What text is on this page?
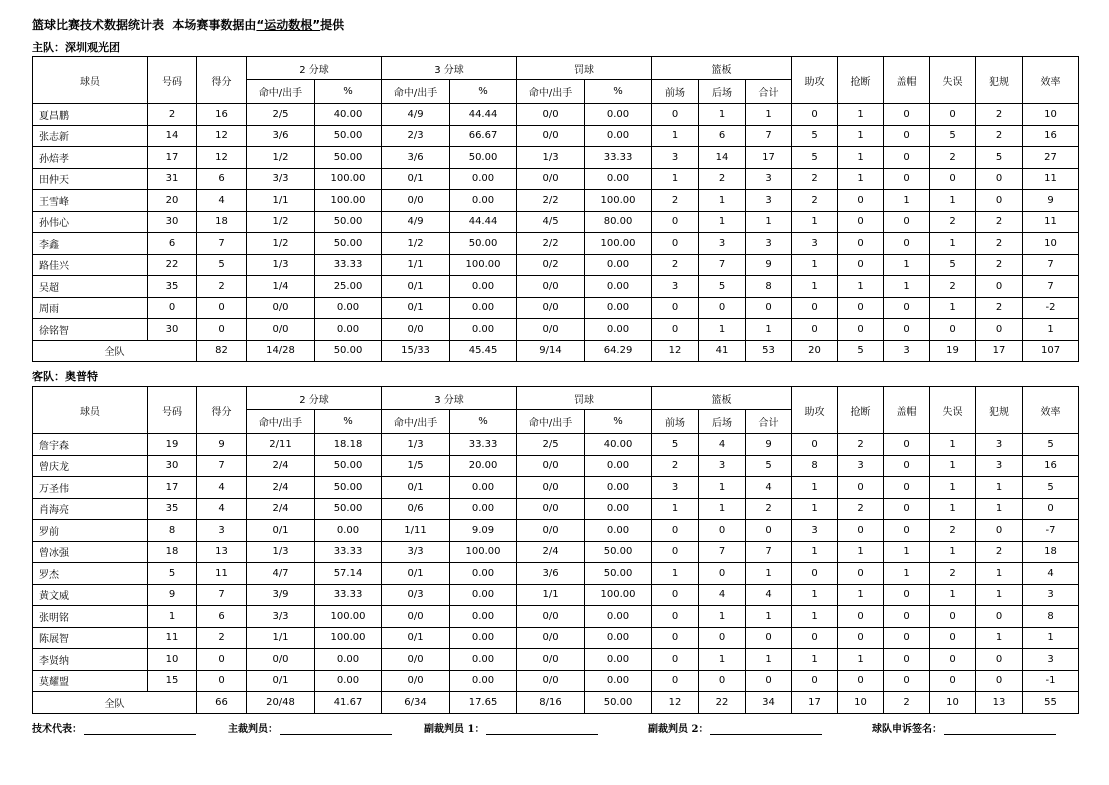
篮球比赛技术数据统计表 本场赛事数据由“运动数根”提供
主队：深圳观光团
球员	号码	得分	2 分球		3 分球		罚球		篮板			助攻	抢断	盖帽	失误	犯规	效率
			命中/出手	%	命中/出手	%	命中/出手	%	前场	后场	合计						
夏昌鹏	2	16	2/5	40.00	4/9	44.44	0/0	0.00	0	1	1	0	1	0	0	2	10
张志新	14	12	3/6	50.00	2/3	66.67	0/0	0.00	1	6	7	5	1	0	5	2	16
孙焙孝	17	12	1/2	50.00	3/6	50.00	1/3	33.33	3	14	17	5	1	0	2	5	27
田仲天	31	6	3/3	100.00	0/1	0.00	0/0	0.00	1	2	3	2	1	0	0	0	11
王雪峰	20	4	1/1	100.00	0/0	0.00	2/2	100.00	2	1	3	2	0	1	1	0	9
孙伟心	30	18	1/2	50.00	4/9	44.44	4/5	80.00	0	1	1	1	0	0	2	2	11
李鑫	6	7	1/2	50.00	1/2	50.00	2/2	100.00	0	3	3	3	0	0	1	2	10
路佳兴	22	5	1/3	33.33	1/1	100.00	0/2	0.00	2	7	9	1	0	1	5	2	7
吴超	35	2	1/4	25.00	0/1	0.00	0/0	0.00	3	5	8	1	1	1	2	0	7
周雨	0	0	0/0	0.00	0/1	0.00	0/0	0.00	0	0	0	0	0	0	1	2	-2
徐铭智	30	0	0/0	0.00	0/0	0.00	0/0	0.00	0	1	1	0	0	0	0	0	1
全队		82	14/28	50.00	15/33	45.45	9/14	64.29	12	41	53	20	5	3	19	17	107
客队：奥普特
球员	号码	得分	2 分球		3 分球		罚球		篮板			助攻	抢断	盖帽	失误	犯规	效率
			命中/出手	%	命中/出手	%	命中/出手	%	前场	后场	合计						
詹宇森	19	9	2/11	18.18	1/3	33.33	2/5	40.00	5	4	9	0	2	0	1	3	5
曾庆龙	30	7	2/4	50.00	1/5	20.00	0/0	0.00	2	3	5	8	3	0	1	3	16
万圣伟	17	4	2/4	50.00	0/1	0.00	0/0	0.00	3	1	4	1	0	0	1	1	5
肖海亮	35	4	2/4	50.00	0/6	0.00	0/0	0.00	1	1	2	1	2	0	1	1	0
罗前	8	3	0/1	0.00	1/11	9.09	0/0	0.00	0	0	0	3	0	0	2	0	-7
曾冰强	18	13	1/3	33.33	3/3	100.00	2/4	50.00	0	7	7	1	1	1	1	2	18
罗杰	5	11	4/7	57.14	0/1	0.00	3/6	50.00	1	0	1	0	0	1	2	1	4
黄文威	9	7	3/9	33.33	0/3	0.00	1/1	100.00	0	4	4	1	1	0	1	1	3
张明铭	1	6	3/3	100.00	0/0	0.00	0/0	0.00	0	1	1	1	0	0	0	0	8
陈展智	11	2	1/1	100.00	0/1	0.00	0/0	0.00	0	0	0	0	0	0	0	1	1
李贤纳	10	0	0/0	0.00	0/0	0.00	0/0	0.00	0	1	1	1	1	0	0	0	3
莫耀盟	15	0	0/1	0.00	0/0	0.00	0/0	0.00	0	0	0	0	0	0	0	0	-1
全队		66	20/48	41.67	6/34	17.65	8/16	50.00	12	22	34	17	10	2	10	13	55
技术代表：	主裁判员：	副裁判员 1：	副裁判员 2：	球队申诉签名：
